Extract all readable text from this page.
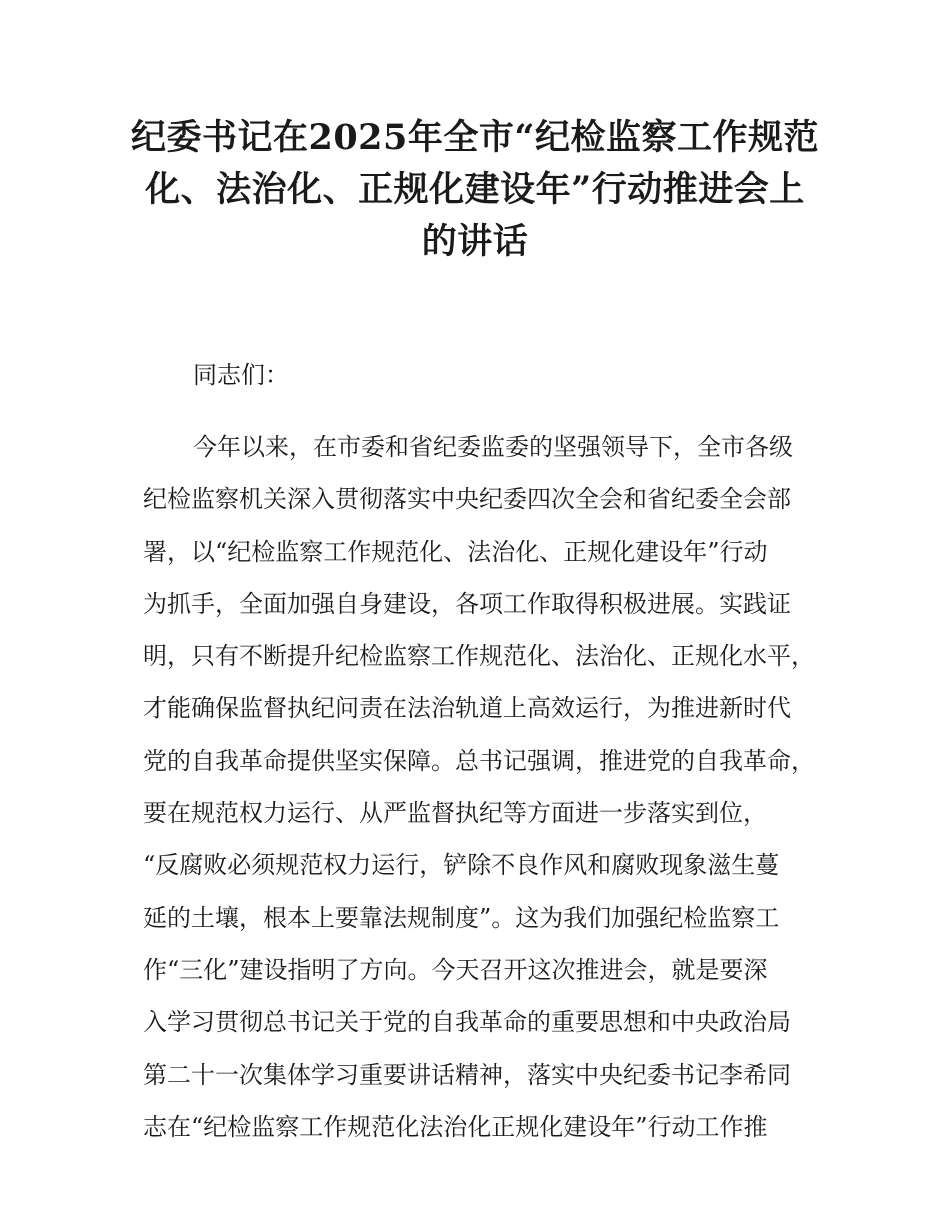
纪委书记在2025年全市“纪检监察工作规范
化、法治化、正规化建设年”行动推进会上
的讲话

同志们：

今年以来，在市委和省纪委监委的坚强领导下，全市各级
纪检监察机关深入贯彻落实中央纪委四次全会和省纪委全会部
署，以“纪检监察工作规范化、法治化、正规化建设年”行动
为抓手，全面加强自身建设，各项工作取得积极进展。实践证
明，只有不断提升纪检监察工作规范化、法治化、正规化水平，
才能确保监督执纪问责在法治轨道上高效运行，为推进新时代
党的自我革命提供坚实保障。总书记强调，推进党的自我革命，
要在规范权力运行、从严监督执纪等方面进一步落实到位，
“反腐败必须规范权力运行，铲除不良作风和腐败现象滋生蔓
延的土壤，根本上要靠法规制度”。这为我们加强纪检监察工
作“三化”建设指明了方向。今天召开这次推进会，就是要深
入学习贯彻总书记关于党的自我革命的重要思想和中央政治局
第二十一次集体学习重要讲话精神，落实中央纪委书记李希同
志在“纪检监察工作规范化法治化正规化建设年”行动工作推
